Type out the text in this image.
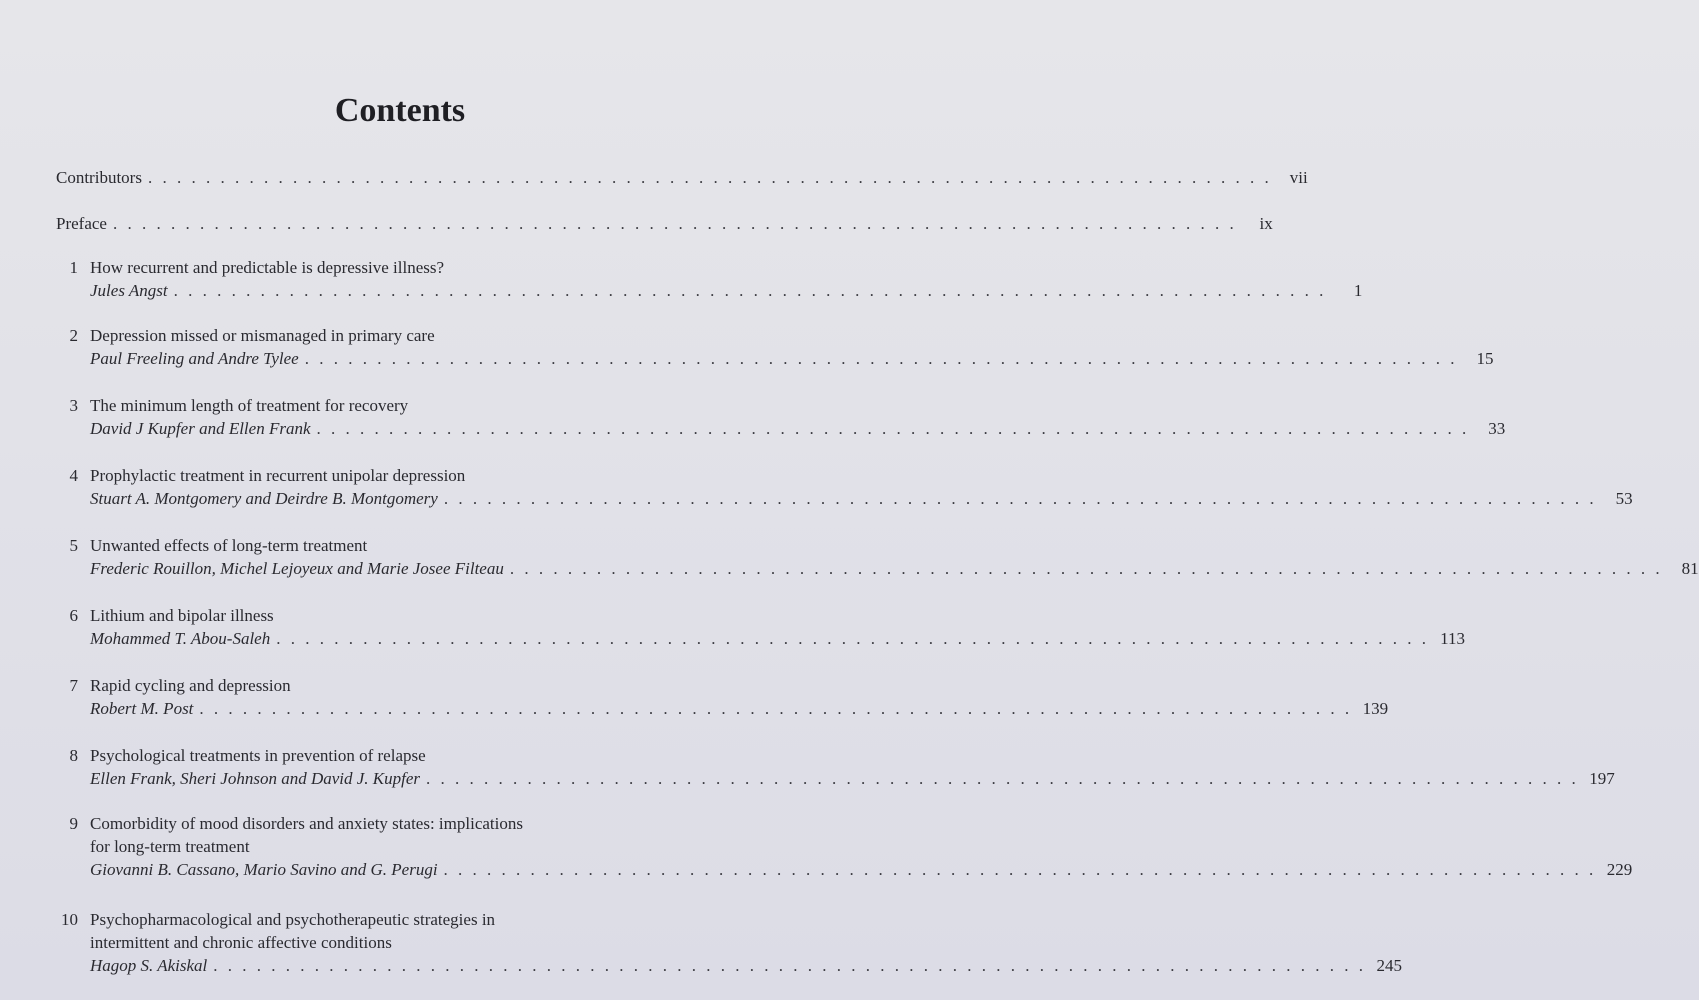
Contents
Contributors . . . . . . . . . . . . . . . . . . . . . . . . . . . . . . . . . . . . . . . . . . . . . . . . . . . . . . . . . . . . . . . . . . . . . . . . . . . . . .	vii
Preface . . . . . . . . . . . . . . . . . . . . . . . . . . . . . . . . . . . . . . . . . . . . . . . . . . . . . . . . . . . . . . . . . . . . . . . . . . . . . .	ix
1 How recurrent and predictable is depressive illness?
Jules Angst . . . . . . . . . . . . . . . . . . . . . . . . . . . . . . . . . . . . . . . . . . . . . . . . . . . . . . . . . . . . . . . . . . . . . . . . . . . . . . . .	1
2 Depression missed or mismanaged in primary care
Paul Freeling and Andre Tylee . . . . . . . . . . . . . . . . . . . . . . . . . . . . . . . . . . . . . . . . . . . . . . . . . . . . . . . . . . . . . . . . . . . . . . . . . . . . . . . .	15
3 The minimum length of treatment for recovery
David J Kupfer and Ellen Frank . . . . . . . . . . . . . . . . . . . . . . . . . . . . . . . . . . . . . . . . . . . . . . . . . . . . . . . . . . . . . . . . . . . . . . . . . . . . . . . .	33
4 Prophylactic treatment in recurrent unipolar depression
Stuart A. Montgomery and Deirdre B. Montgomery . . . . . . . . . . . . . . . . . . . . . . . . . . . . . . . . . . . . . . . . . . . . . . . . . . . . . . . . . . . . . . . . . . . . . . . . . . . . . . . .	53
5 Unwanted effects of long-term treatment
Frederic Rouillon, Michel Lejoyeux and Marie Josee Filteau . . . . . . . . . . . . . . . . . . . . . . . . . . . . . . . . . . . . . . . . . . . . . . . . . . . . . . . . . . . . . . . . . . . . . . . . . . . . . . . .	81
6 Lithium and bipolar illness
Mohammed T. Abou-Saleh . . . . . . . . . . . . . . . . . . . . . . . . . . . . . . . . . . . . . . . . . . . . . . . . . . . . . . . . . . . . . . . . . . . . . . . . . . . . . . . . 113
7 Rapid cycling and depression
Robert M. Post . . . . . . . . . . . . . . . . . . . . . . . . . . . . . . . . . . . . . . . . . . . . . . . . . . . . . . . . . . . . . . . . . . . . . . . . . . . . . . . . 139
8 Psychological treatments in prevention of relapse
Ellen Frank, Sheri Johnson and David J. Kupfer . . . . . . . . . . . . . . . . . . . . . . . . . . . . . . . . . . . . . . . . . . . . . . . . . . . . . . . . . . . . . . . . . . . . . . . . . . . . . . . . 197
9 Comorbidity of mood disorders and anxiety states: implications
for long-term treatment
Giovanni B. Cassano, Mario Savino and G. Perugi . . . . . . . . . . . . . . . . . . . . . . . . . . . . . . . . . . . . . . . . . . . . . . . . . . . . . . . . . . . . . . . . . . . . . . . . . . . . . . . . 229
10 Psychopharmacological and psychotherapeutic strategies in
intermittent and chronic affective conditions
Hagop S. Akiskal . . . . . . . . . . . . . . . . . . . . . . . . . . . . . . . . . . . . . . . . . . . . . . . . . . . . . . . . . . . . . . . . . . . . . . . . . . . . . . . . 245
